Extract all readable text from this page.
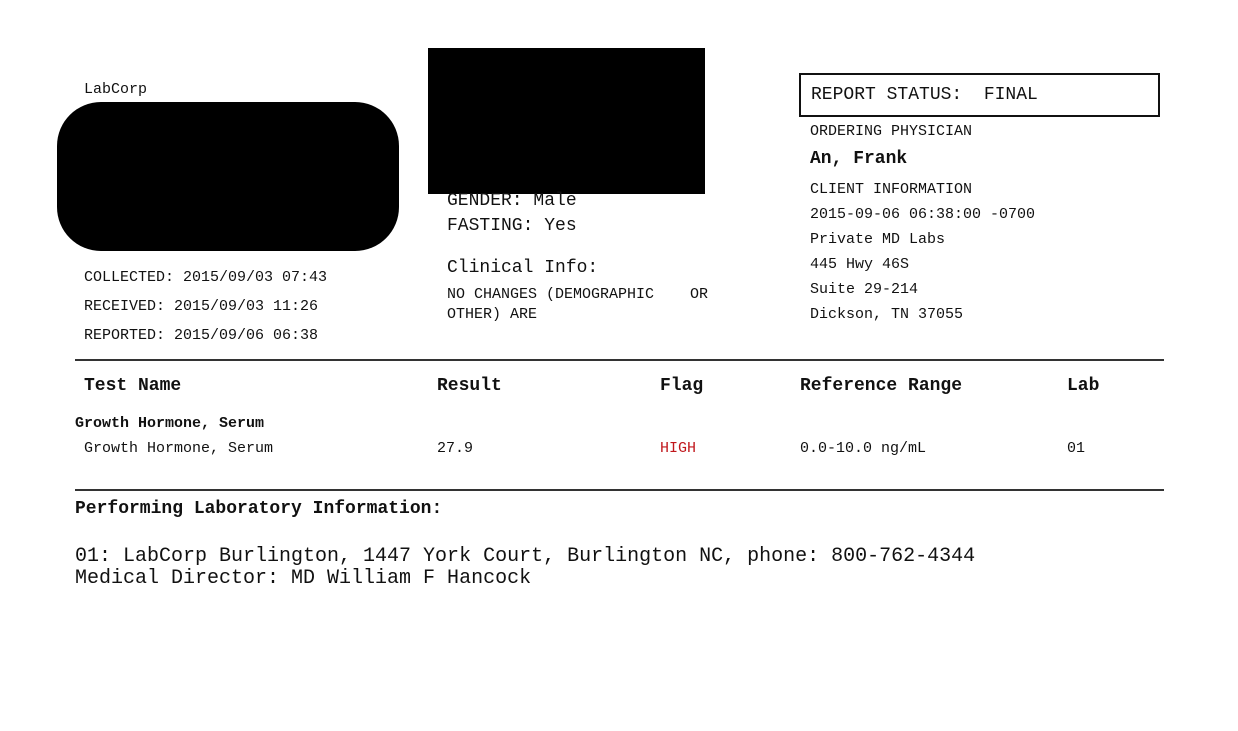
LabCorp
GENDER: Male
FASTING: Yes
Clinical Info:
NO CHANGES (DEMOGRAPHIC    OR
OTHER) ARE
COLLECTED: 2015/09/03 07:43
RECEIVED: 2015/09/03 11:26
REPORTED: 2015/09/06 06:38
REPORT STATUS:  FINAL
ORDERING PHYSICIAN
An, Frank
CLIENT INFORMATION
2015-09-06 06:38:00 -0700
Private MD Labs
445 Hwy 46S
Suite 29-214
Dickson, TN 37055
Test Name	Result	Flag	Reference Range	Lab
Growth Hormone, Serum
Growth Hormone, Serum	27.9	HIGH	0.0-10.0 ng/mL	01
Performing Laboratory Information:
01: LabCorp Burlington, 1447 York Court, Burlington NC, phone: 800-762-4344
Medical Director: MD William F Hancock
